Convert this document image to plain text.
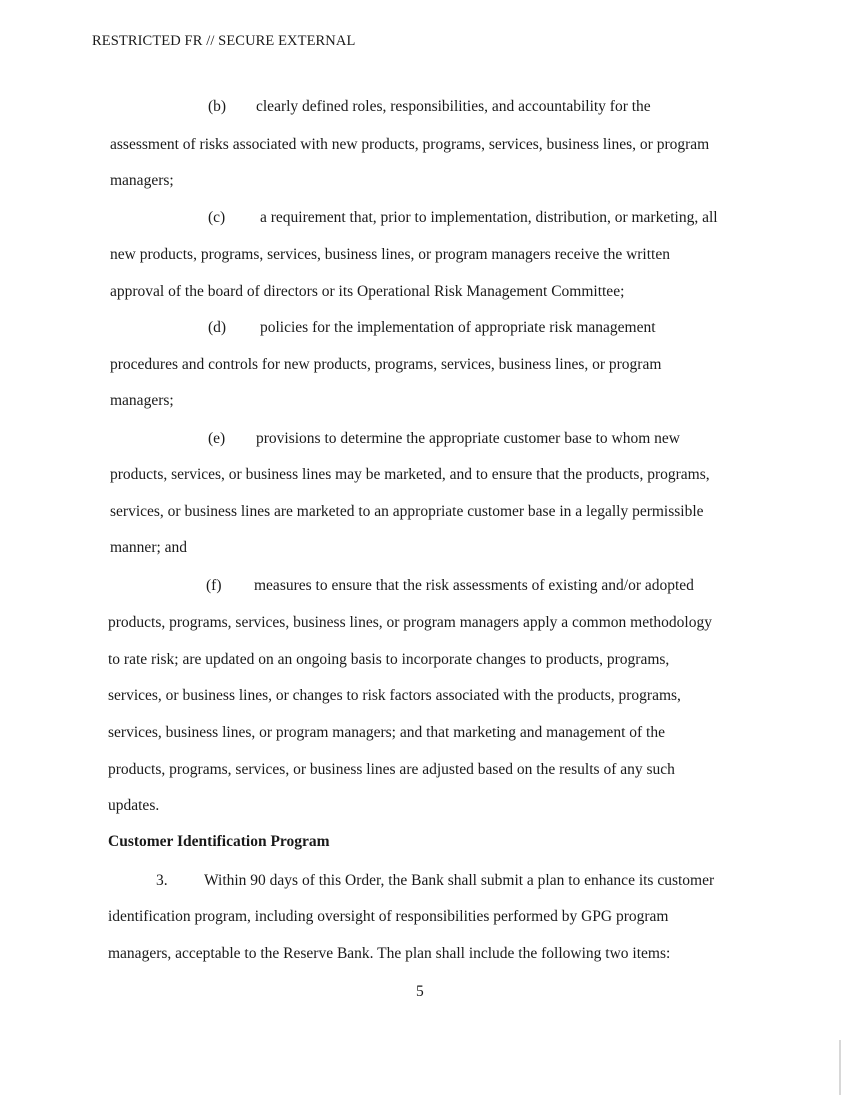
RESTRICTED FR // SECURE EXTERNAL
(b) clearly defined roles, responsibilities, and accountability for the
assessment of risks associated with new products, programs, services, business lines, or program
managers;
(c) a requirement that, prior to implementation, distribution, or marketing, all
new products, programs, services, business lines, or program managers receive the written
approval of the board of directors or its Operational Risk Management Committee;
(d) policies for the implementation of appropriate risk management
procedures and controls for new products, programs, services, business lines, or program
managers;
(e) provisions to determine the appropriate customer base to whom new
products, services, or business lines may be marketed, and to ensure that the products, programs,
services, or business lines are marketed to an appropriate customer base in a legally permissible
manner; and
(f) measures to ensure that the risk assessments of existing and/or adopted
products, programs, services, business lines, or program managers apply a common methodology
to rate risk; are updated on an ongoing basis to incorporate changes to products, programs,
services, or business lines, or changes to risk factors associated with the products, programs,
services, business lines, or program managers; and that marketing and management of the
products, programs, services, or business lines are adjusted based on the results of any such
updates.
Customer Identification Program
3. Within 90 days of this Order, the Bank shall submit a plan to enhance its customer
identification program, including oversight of responsibilities performed by GPG program
managers, acceptable to the Reserve Bank. The plan shall include the following two items:
5
